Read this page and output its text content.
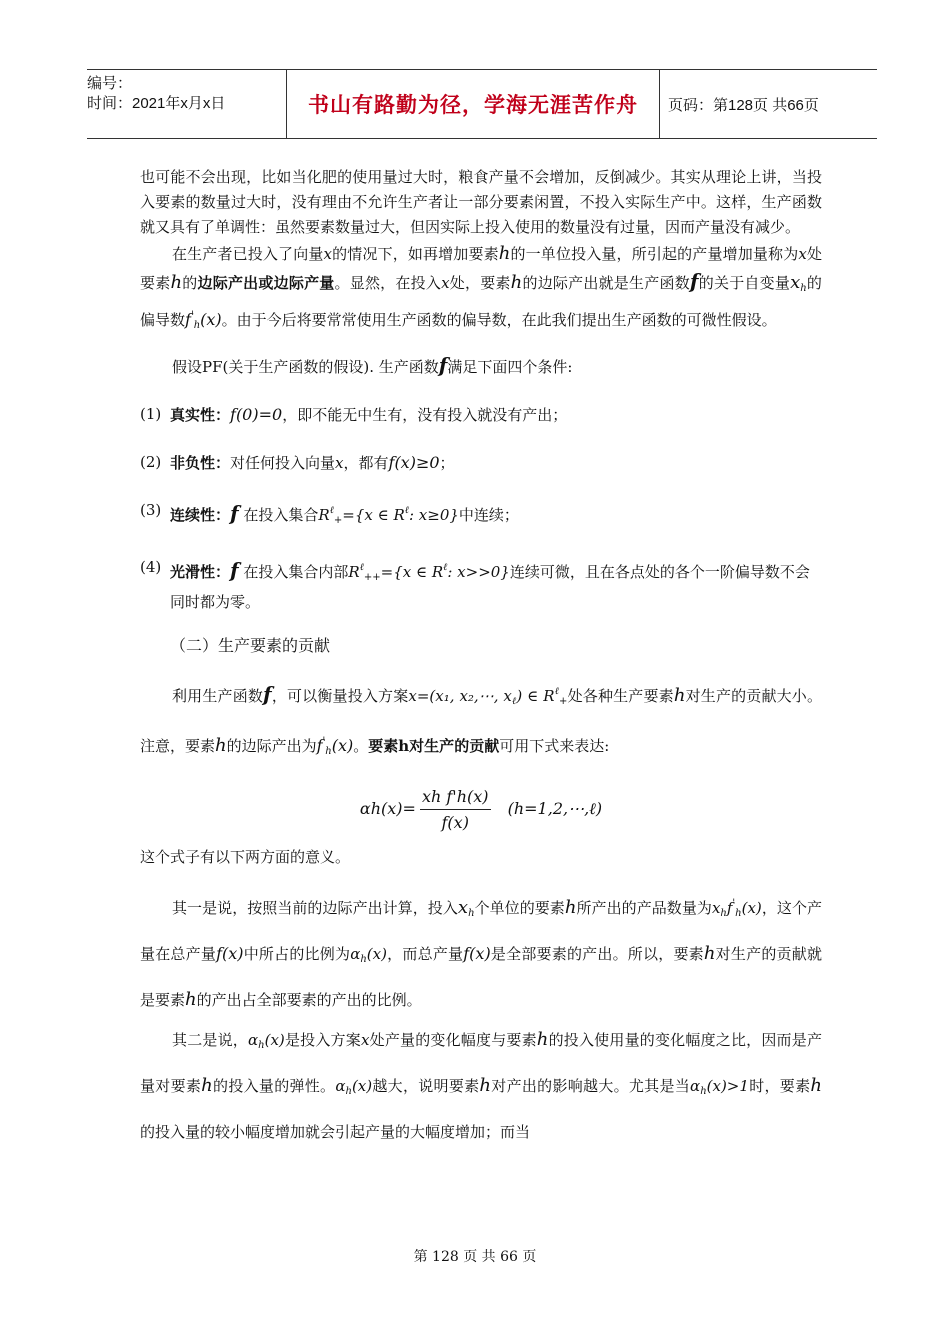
编号：
时间：2021年x月x日	书山有路勤为径，学海无涯苦作舟	页码：第128页 共66页

也可能不会出现，比如当化肥的使用量过大时，粮食产量不会增加，反倒减少。其实从理论上讲，当投入要素的数量过大时，没有理由不允许生产者让一部分要素闲置，不投入实际生产中。这样，生产函数就又具有了单调性：虽然要素数量过大，但因实际上投入使用的数量没有过量，因而产量没有减少。

在生产者已投入了向量x的情况下，如再增加要素h的一单位投入量，所引起的产量增加量称为x处要素h的边际产出或边际产量。显然，在投入x处，要素h的边际产出就是生产函数f的关于自变量$x_h$的偏导数$f'_h(x)$。由于今后将要常常使用生产函数的偏导数，在此我们提出生产函数的可微性假设。

假设PF(关于生产函数的假设). 生产函数f满足下面四个条件:

(1) 真实性：f(0)=0，即不能无中生有，没有投入就没有产出；
(2) 非负性：对任何投入向量x，都有f(x)≥0；
(3) 连续性：f 在投入集合$R^\ell_+=\{x$ ∈ $R^\ell$: x≥0}中连续；
(4) 光滑性：f 在投入集合内部$R^\ell_{++}=\{x$ ∈ $R^\ell$: x>>0}连续可微，且在各点处的各个一阶偏导数不会同时都为零。

（二）生产要素的贡献

利用生产函数f，可以衡量投入方案x=(x₁, x₂,⋯, $x_\ell$) ∈ $R^\ell_+$处各种生产要素h对生产的贡献大小。注意，要素h的边际产出为$f'_h(x)$。要素h对生产的贡献可用下式来表达:

$\alpha h(x)= \frac{\text{xh f'h(x)}}{f(x)}$ (h=1,2,⋯,ℓ)

这个式子有以下两方面的意义。

其一是说，按照当前的边际产出计算，投入$x_h$个单位的要素h所产出的产品数量为$x_hf'_h(x)$，这个产量在总产量f(x)中所占的比例为$\alpha_h(x)$，而总产量f(x)是全部要素的产出。所以，要素h对生产的贡献就是要素h的产出占全部要素的产出的比例。

其二是说，$\alpha_h(x)$是投入方案x处产量的变化幅度与要素h的投入使用量的变化幅度之比，因而是产量对要素h的投入量的弹性。$\alpha_h(x)$越大，说明要素h对产出的影响越大。尤其是当$\alpha_h(x)>1$时，要素h的投入量的较小幅度增加就会引起产量的大幅度增加；而当

第 128 页 共 66 页
